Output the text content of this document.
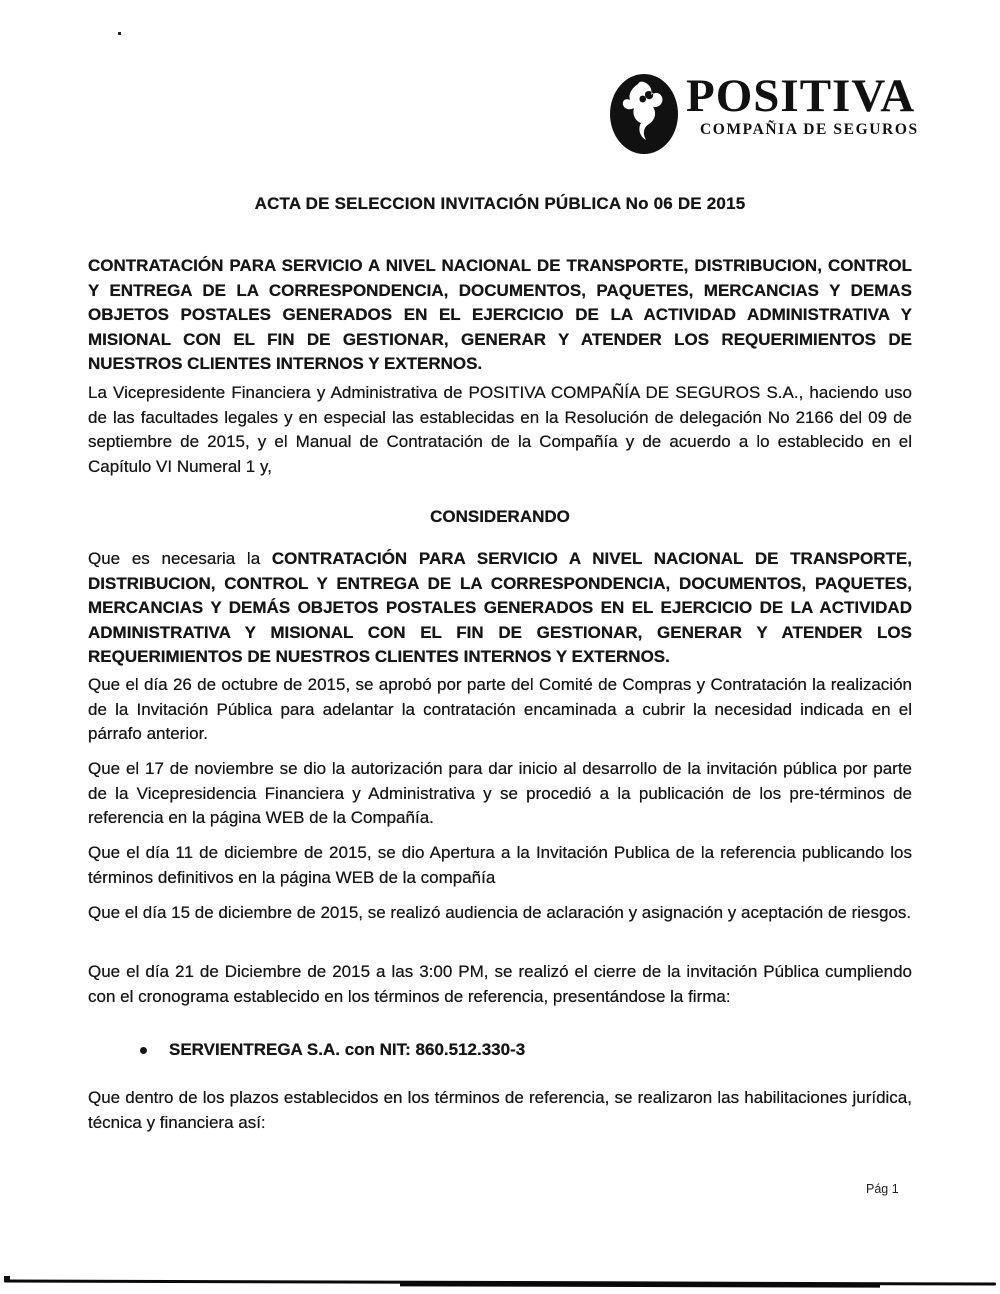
POSITIVA
COMPAÑIA DE SEGUROS
ACTA DE SELECCION INVITACIÓN PÚBLICA No 06 DE 2015
CONTRATACIÓN PARA SERVICIO A NIVEL NACIONAL DE TRANSPORTE, DISTRIBUCION, CONTROL Y ENTREGA DE LA CORRESPONDENCIA, DOCUMENTOS, PAQUETES, MERCANCIAS Y DEMAS OBJETOS POSTALES GENERADOS EN EL EJERCICIO DE LA ACTIVIDAD ADMINISTRATIVA Y MISIONAL CON EL FIN DE GESTIONAR, GENERAR Y ATENDER LOS REQUERIMIENTOS DE NUESTROS CLIENTES INTERNOS Y EXTERNOS.
La Vicepresidente Financiera y Administrativa de POSITIVA COMPAÑÍA DE SEGUROS S.A., haciendo uso de las facultades legales y en especial las establecidas en la Resolución de delegación No 2166 del 09 de septiembre de 2015, y el Manual de Contratación de la Compañía y de acuerdo a lo establecido en el Capítulo VI Numeral 1 y,
CONSIDERANDO
Que es necesaria la CONTRATACIÓN PARA SERVICIO A NIVEL NACIONAL DE TRANSPORTE, DISTRIBUCION, CONTROL Y ENTREGA DE LA CORRESPONDENCIA, DOCUMENTOS, PAQUETES, MERCANCIAS Y DEMÁS OBJETOS POSTALES GENERADOS EN EL EJERCICIO DE LA ACTIVIDAD ADMINISTRATIVA Y MISIONAL CON EL FIN DE GESTIONAR, GENERAR Y ATENDER LOS REQUERIMIENTOS DE NUESTROS CLIENTES INTERNOS Y EXTERNOS.
Que el día 26 de octubre de 2015, se aprobó por parte del Comité de Compras y Contratación la realización de la Invitación Pública para adelantar la contratación encaminada a cubrir la necesidad indicada en el párrafo anterior.
Que el 17 de noviembre se dio la autorización para dar inicio al desarrollo de la invitación pública por parte de la Vicepresidencia Financiera y Administrativa y se procedió a la publicación de los pre-términos de referencia en la página WEB de la Compañía.
Que el día 11 de diciembre de 2015, se dio Apertura a la Invitación Publica de la referencia publicando los términos definitivos en la página WEB de la compañía
Que el día 15 de diciembre de 2015, se realizó audiencia de aclaración y asignación y aceptación de riesgos.
Que el día 21 de Diciembre de 2015 a las 3:00 PM, se realizó el cierre de la invitación Pública cumpliendo con el cronograma establecido en los términos de referencia, presentándose la firma:
SERVIENTREGA S.A. con NIT: 860.512.330-3
Que dentro de los plazos establecidos en los términos de referencia, se realizaron las habilitaciones jurídica, técnica y financiera así:
Pág 1
